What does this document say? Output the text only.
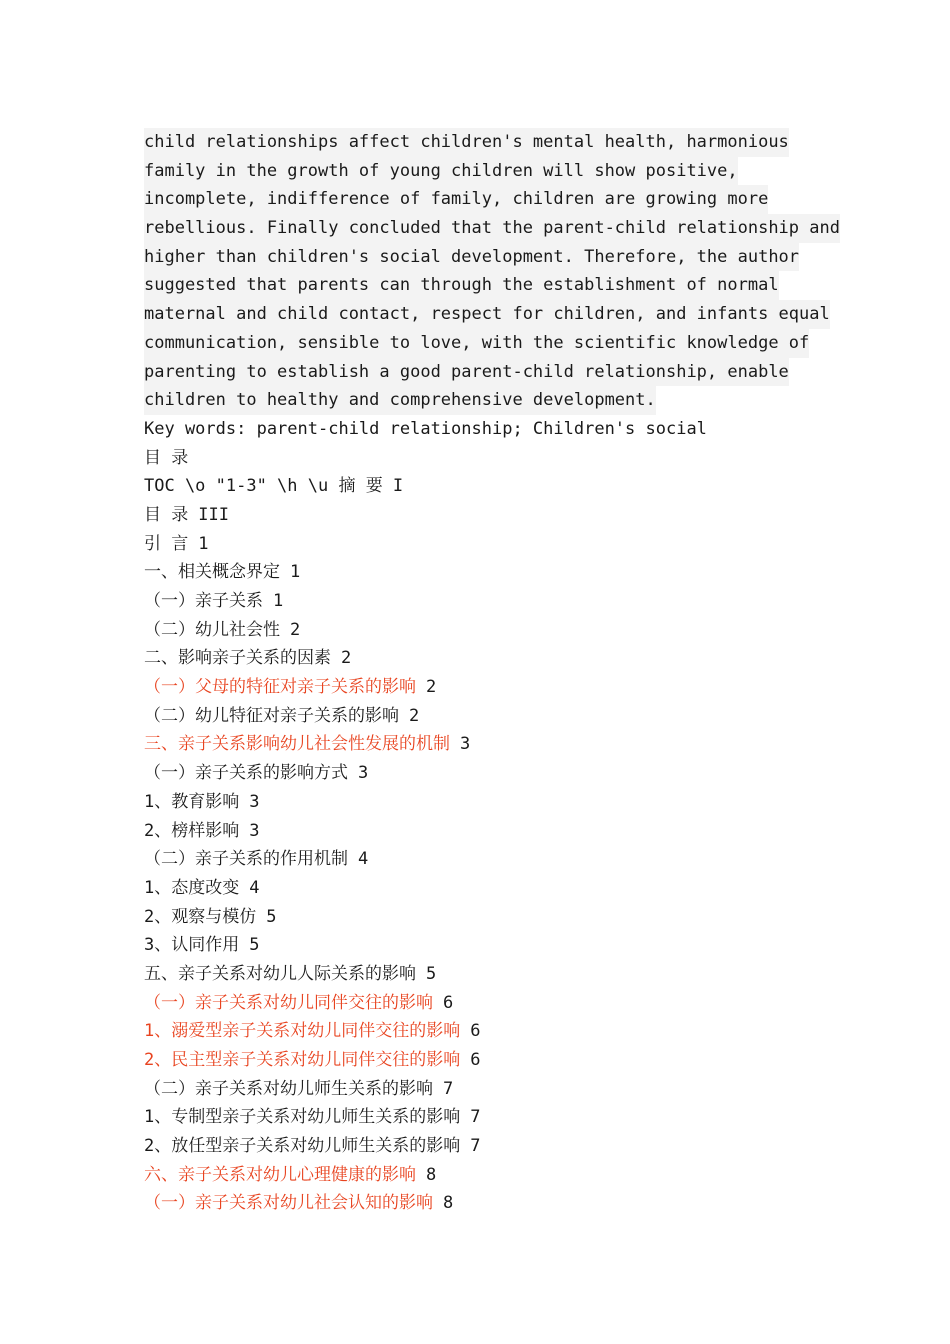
child relationships affect children's mental health, harmonious
family in the growth of young children will show positive,
incomplete, indifference of family, children are growing more
rebellious. Finally concluded that the parent-child relationship and
higher than children's social development. Therefore, the author
suggested that parents can through the establishment of normal
maternal and child contact, respect for children, and infants equal
communication, sensible to love, with the scientific knowledge of
parenting to establish a good parent-child relationship, enable
children to healthy and comprehensive development.
Key words: parent-child relationship; Children's social
目 录
TOC \o "1-3" \h \u 摘 要 I
目 录 III
引 言 1
一、相关概念界定 1
（一）亲子关系 1
（二）幼儿社会性 2
二、影响亲子关系的因素 2
（一）父母的特征对亲子关系的影响 2
（二）幼儿特征对亲子关系的影响 2
三、亲子关系影响幼儿社会性发展的机制 3
（一）亲子关系的影响方式 3
1、教育影响 3
2、榜样影响 3
（二）亲子关系的作用机制 4
1、态度改变 4
2、观察与模仿 5
3、认同作用 5
五、亲子关系对幼儿人际关系的影响 5
（一）亲子关系对幼儿同伴交往的影响 6
1、溺爱型亲子关系对幼儿同伴交往的影响 6
2、民主型亲子关系对幼儿同伴交往的影响 6
（二）亲子关系对幼儿师生关系的影响 7
1、专制型亲子关系对幼儿师生关系的影响 7
2、放任型亲子关系对幼儿师生关系的影响 7
六、亲子关系对幼儿心理健康的影响 8
（一）亲子关系对幼儿社会认知的影响 8
